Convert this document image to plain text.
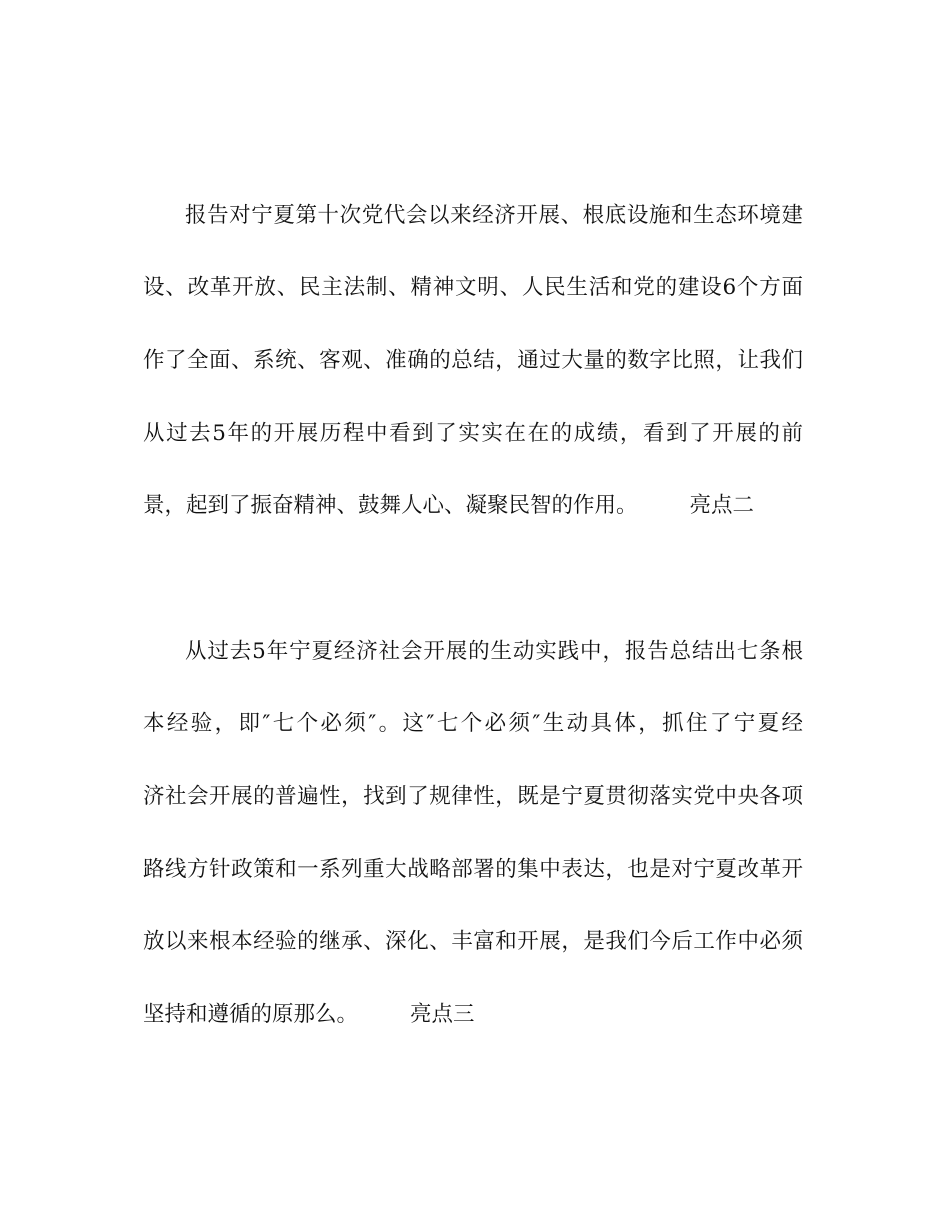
报告对宁夏第十次党代会以来经济开展、根底设施和生态环境建
设、改革开放、民主法制、精神文明、人民生活和党的建设6个方面
作了全面、系统、客观、准确的总结，通过大量的数字比照，让我们
从过去5年的开展历程中看到了实实在在的成绩，看到了开展的前
景，起到了振奋精神、鼓舞人心、凝聚民智的作用。 亮点二
从过去5年宁夏经济社会开展的生动实践中，报告总结出七条根
本经验，即″七个必须″。这″七个必须″生动具体，抓住了宁夏经
济社会开展的普遍性，找到了规律性，既是宁夏贯彻落实党中央各项
路线方针政策和一系列重大战略部署的集中表达，也是对宁夏改革开
放以来根本经验的继承、深化、丰富和开展，是我们今后工作中必须
坚持和遵循的原那么。 亮点三
